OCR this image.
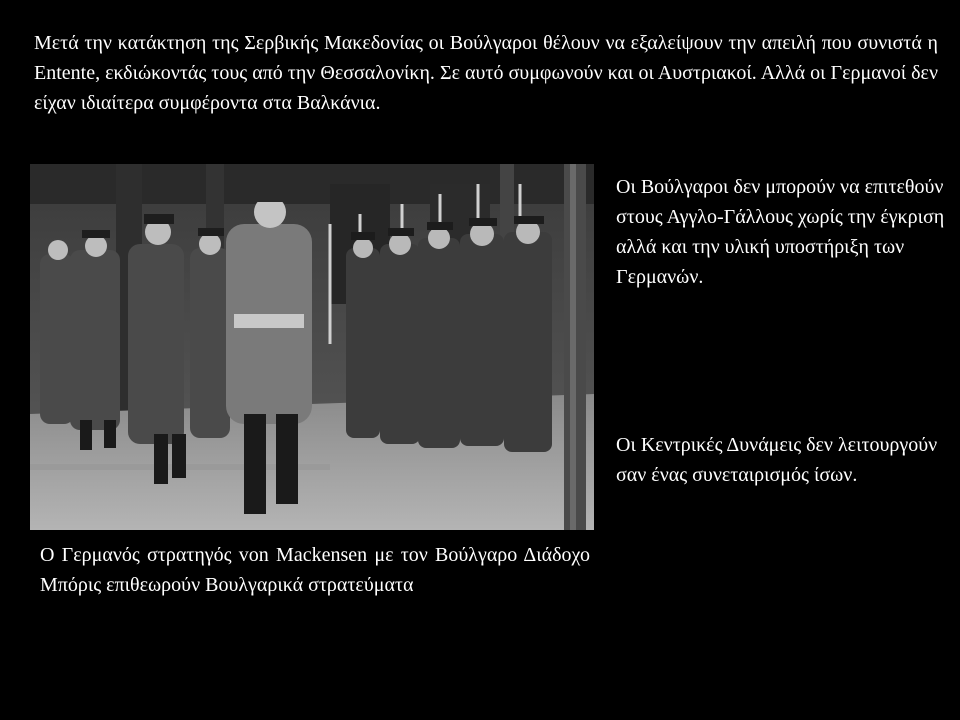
Μετά την κατάκτηση της Σερβικής Μακεδονίας οι Βούλγαροι θέλουν να εξαλείψουν την απειλή που συνιστά η Entente, εκδιώκοντάς τους από την Θεσσαλονίκη. Σε αυτό συμφωνούν και οι Αυστριακοί. Αλλά οι Γερμανοί δεν είχαν ιδιαίτερα συμφέροντα στα Βαλκάνια.

Ο Γερμανός στρατηγός von Mackensen με τον Βούλγαρο Διάδοχο Μπόρις επιθεωρούν Βουλγαρικά στρατεύματα

Οι Βούλγαροι δεν μπορούν να επιτεθούν στους Αγγλο-Γάλλους χωρίς την έγκριση αλλά και την υλική υποστήριξη των Γερμανών.

Οι Κεντρικές Δυνάμεις δεν λειτουργούν σαν ένας συνεταιρισμός ίσων.
